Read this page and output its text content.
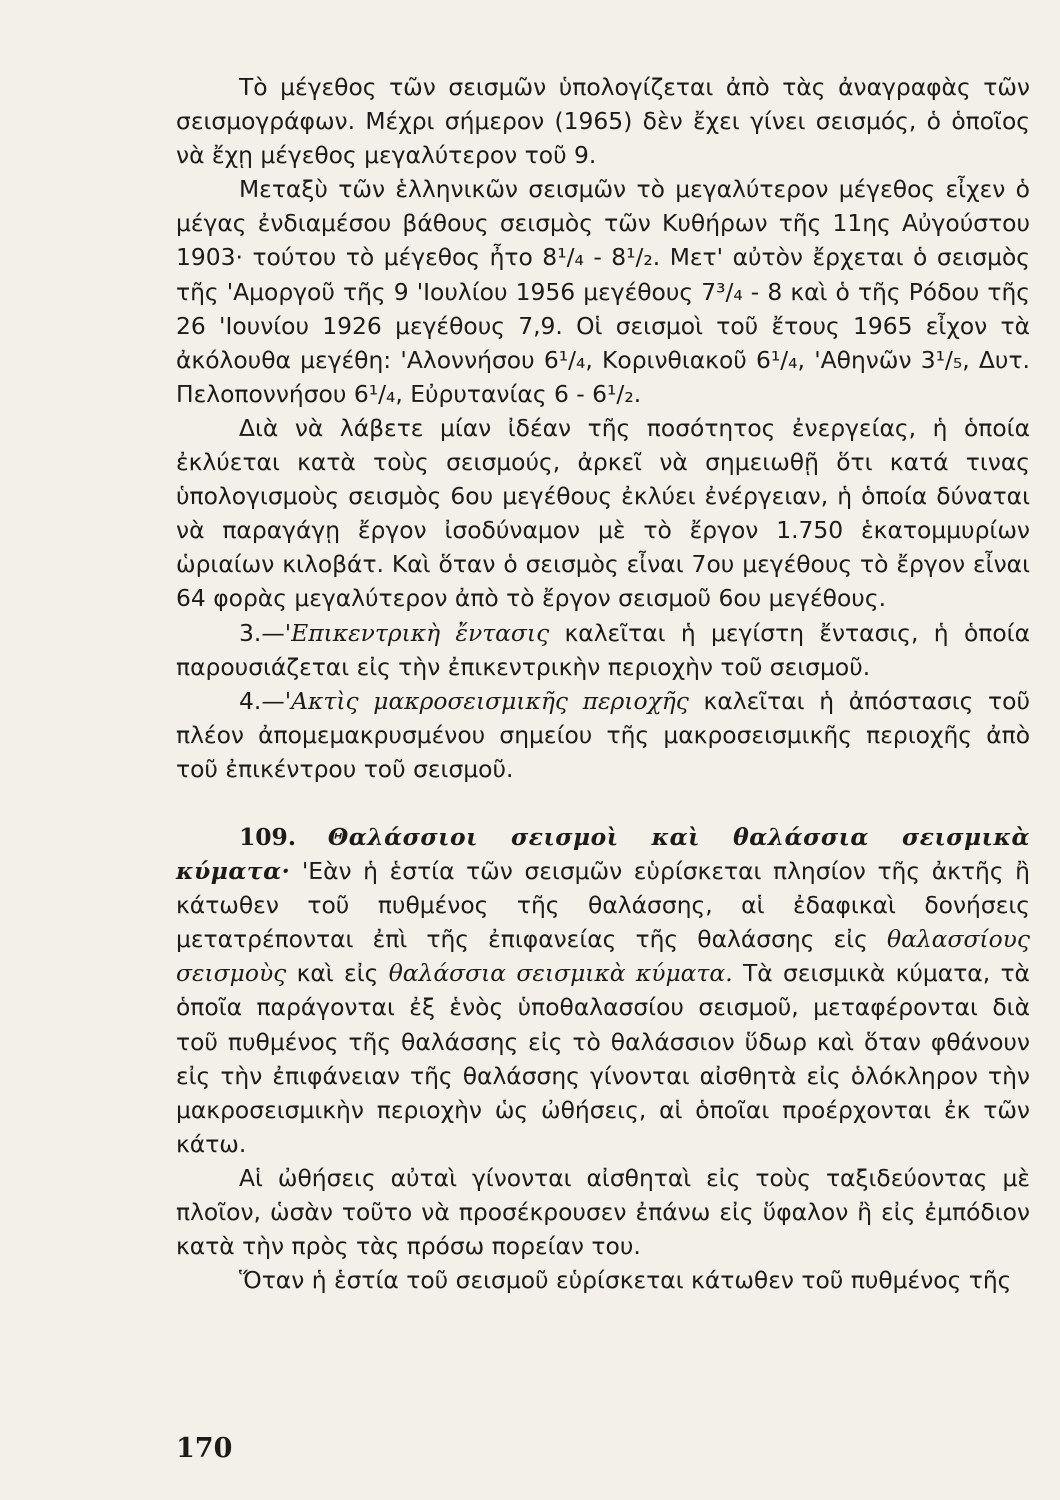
Τὸ μέγεθος τῶν σεισμῶν ὑπολογίζεται ἀπὸ τὰς ἀναγραφὰς τῶν σεισμογράφων. Μέχρι σήμερον (1965) δὲν ἔχει γίνει σεισμός, ὁ ὁποῖος νὰ ἔχῃ μέγεθος μεγαλύτερον τοῦ 9.

Μεταξὺ τῶν ἑλληνικῶν σεισμῶν τὸ μεγαλύτερον μέγεθος εἶχεν ὁ μέγας ἐνδιαμέσου βάθους σεισμὸς τῶν Κυθήρων τῆς 11ης Αὐγούστου 1903· τούτου τὸ μέγεθος ἦτο 8¹/₄ - 8¹/₂. Μετ' αὐτὸν ἔρχεται ὁ σεισμὸς τῆς 'Αμοργοῦ τῆς 9 'Ιουλίου 1956 μεγέθους 7³/₄ - 8 καὶ ὁ τῆς Ρόδου τῆς 26 'Ιουνίου 1926 μεγέθους 7,9. Οἱ σεισμοὶ τοῦ ἔτους 1965 εἶχον τὰ ἀκόλουθα μεγέθη: 'Αλοννήσου 6¹/₄, Κορινθιακοῦ 6¹/₄, 'Αθηνῶν 3¹/₅, Δυτ. Πελοποννήσου 6¹/₄, Εὐρυτανίας 6 - 6¹/₂.

Διὰ νὰ λάβετε μίαν ἰδέαν τῆς ποσότητος ἐνεργείας, ἡ ὁποία ἐκλύεται κατὰ τοὺς σεισμούς, ἀρκεῖ νὰ σημειωθῇ ὅτι κατά τινας ὑπολογισμοὺς σεισμὸς 6ου μεγέθους ἐκλύει ἐνέργειαν, ἡ ὁποία δύναται νὰ παραγάγῃ ἔργον ἰσοδύναμον μὲ τὸ ἔργον 1.750 ἑκατομμυρίων ὡριαίων κιλοβάτ. Καὶ ὅταν ὁ σεισμὸς εἶναι 7ου μεγέθους τὸ ἔργον εἶναι 64 φορὰς μεγαλύτερον ἀπὸ τὸ ἔργον σεισμοῦ 6ου μεγέθους.

3.—'Επικεντρικὴ ἔντασις καλεῖται ἡ μεγίστη ἔντασις, ἡ ὁποία παρουσιάζεται εἰς τὴν ἐπικεντρικὴν περιοχὴν τοῦ σεισμοῦ.

4.—'Ακτὶς μακροσεισμικῆς περιοχῆς καλεῖται ἡ ἀπόστασις τοῦ πλέον ἀπομεμακρυσμένου σημείου τῆς μακροσεισμικῆς περιοχῆς ἀπὸ τοῦ ἐπικέντρου τοῦ σεισμοῦ.

109. Θαλάσσιοι σεισμοὶ καὶ θαλάσσια σεισμικὰ κύματα· 'Εὰν ἡ ἑστία τῶν σεισμῶν εὑρίσκεται πλησίον τῆς ἀκτῆς ἢ κάτωθεν τοῦ πυθμένος τῆς θαλάσσης, αἱ ἐδαφικαὶ δονήσεις μετατρέπονται ἐπὶ τῆς ἐπιφανείας τῆς θαλάσσης εἰς θαλασσίους σεισμοὺς καὶ εἰς θαλάσσια σεισμικὰ κύματα. Τὰ σεισμικὰ κύματα, τὰ ὁποῖα παράγονται ἐξ ἑνὸς ὑποθαλασσίου σεισμοῦ, μεταφέρονται διὰ τοῦ πυθμένος τῆς θαλάσσης εἰς τὸ θαλάσσιον ὕδωρ καὶ ὅταν φθάνουν εἰς τὴν ἐπιφάνειαν τῆς θαλάσσης γίνονται αἰσθητὰ εἰς ὁλόκληρον τὴν μακροσεισμικὴν περιοχὴν ὡς ὠθήσεις, αἱ ὁποῖαι προέρχονται ἐκ τῶν κάτω.

Αἱ ὠθήσεις αὐταὶ γίνονται αἰσθηταὶ εἰς τοὺς ταξιδεύοντας μὲ πλοῖον, ὡσὰν τοῦτο νὰ προσέκρουσεν ἐπάνω εἰς ὕφαλον ἢ εἰς ἐμπόδιον κατὰ τὴν πρὸς τὰς πρόσω πορείαν του.

Ὅταν ἡ ἑστία τοῦ σεισμοῦ εὑρίσκεται κάτωθεν τοῦ πυθμένος τῆς

170
